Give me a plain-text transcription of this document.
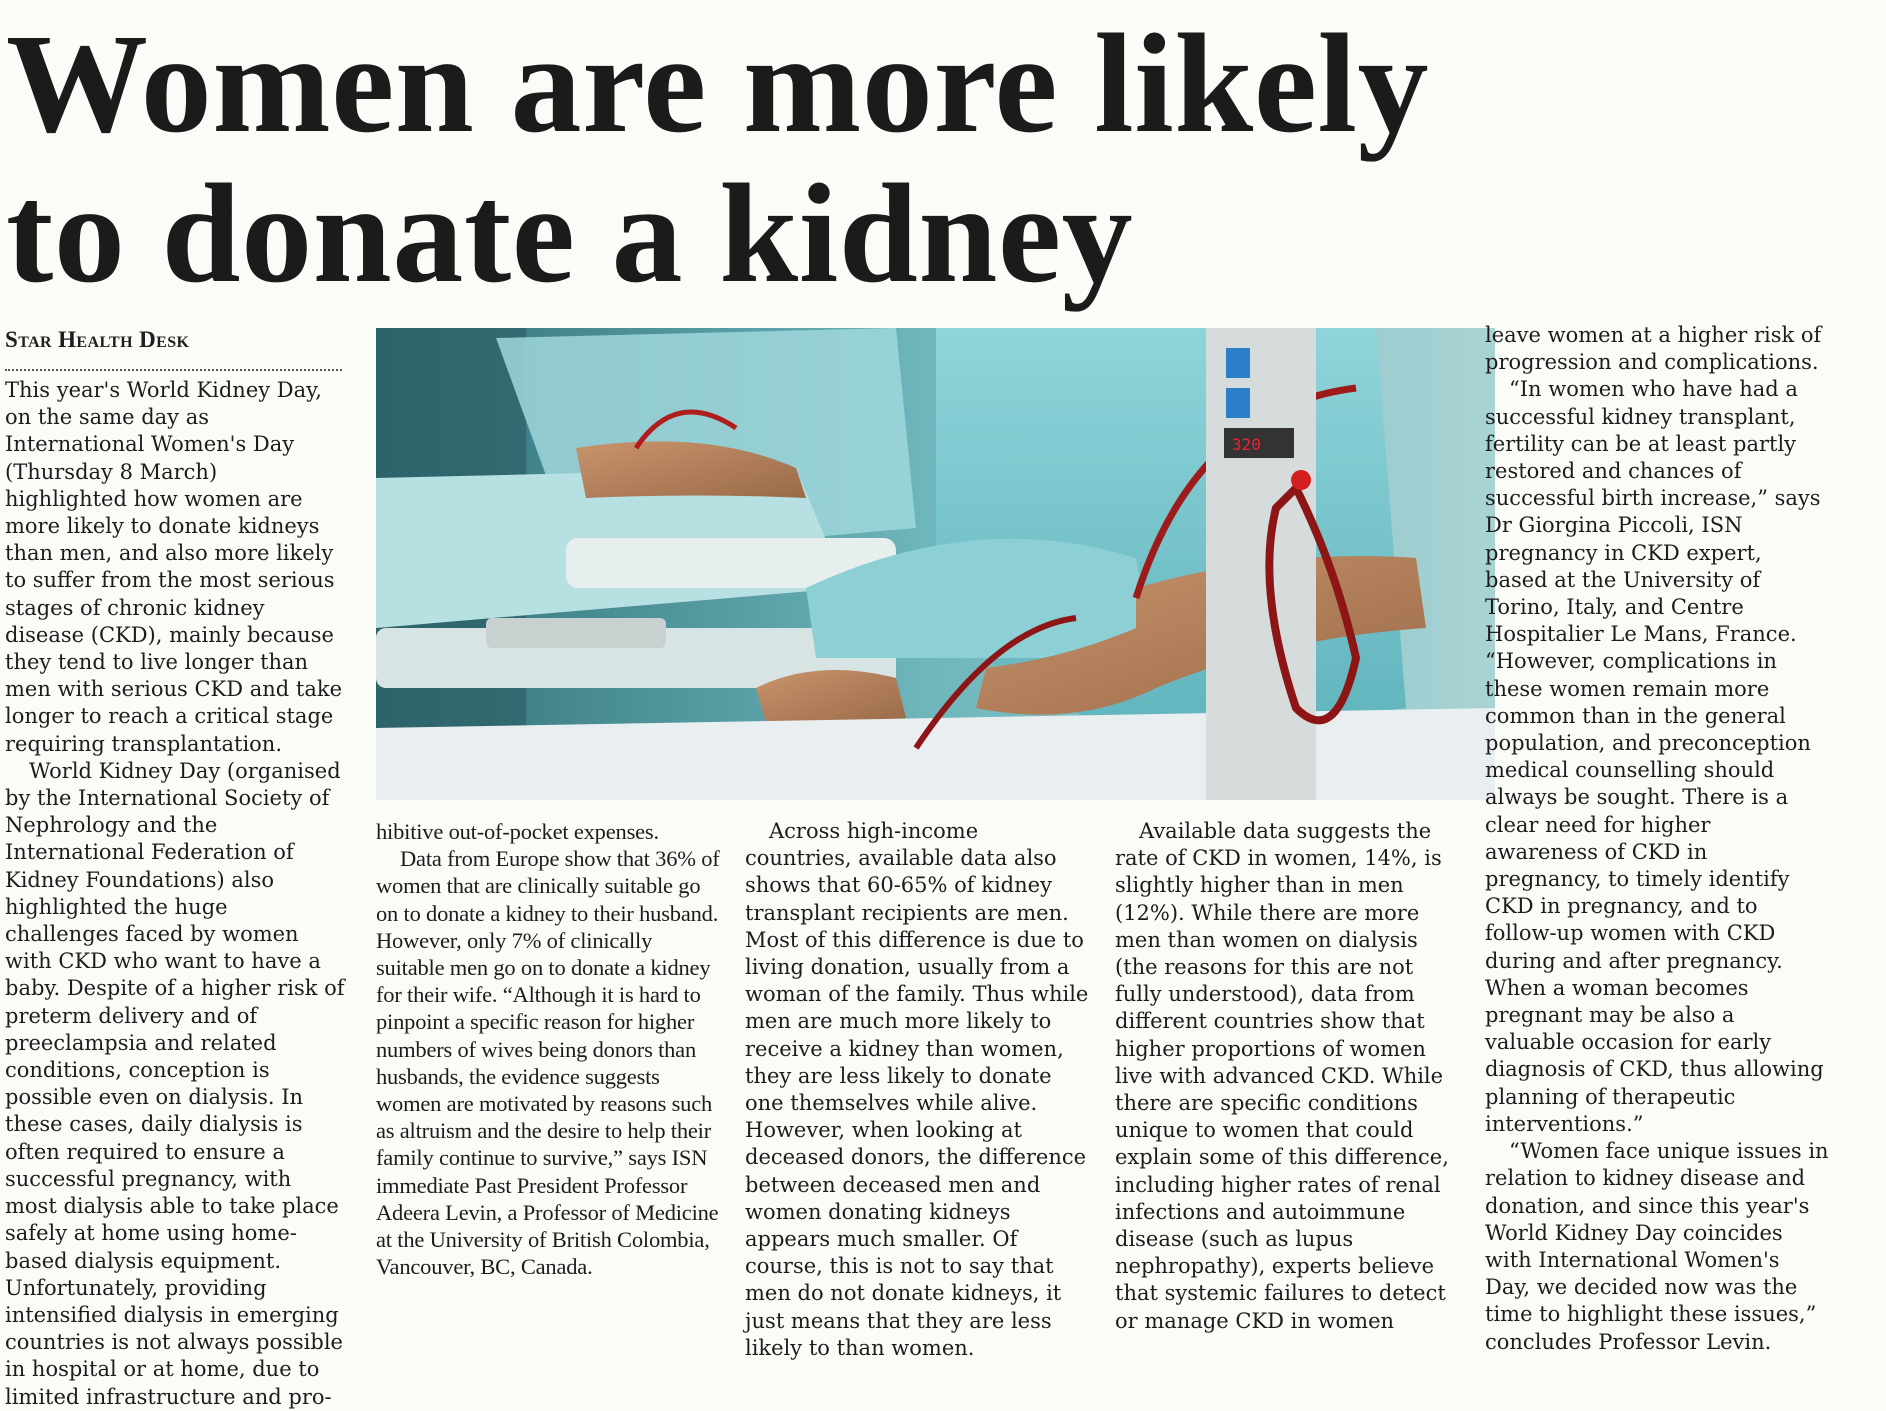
Women are more likely
to donate a kidney
Star Health Desk

This year's World Kidney Day, on the same day as International Women's Day (Thursday 8 March) highlighted how women are more likely to donate kidneys than men, and also more likely to suffer from the most serious stages of chronic kidney disease (CKD), mainly because they tend to live longer than men with serious CKD and take longer to reach a critical stage requiring transplantation.

World Kidney Day (organised by the International Society of Nephrology and the International Federation of Kidney Foundations) also highlighted the huge challenges faced by women with CKD who want to have a baby. Despite of a higher risk of preterm delivery and of preeclampsia and related conditions, conception is possible even on dialysis. In these cases, daily dialysis is often required to ensure a successful pregnancy, with most dialysis able to take place safely at home using home-based dialysis equipment. Unfortunately, providing intensified dialysis in emerging countries is not always possible in hospital or at home, due to limited infrastructure and pro-

320

hibitive out-of-pocket expenses.

Data from Europe show that 36% of women that are clinically suitable go on to donate a kidney to their husband. However, only 7% of clinically suitable men go on to donate a kidney for their wife. “Although it is hard to pinpoint a specific reason for higher numbers of wives being donors than husbands, the evidence suggests women are motivated by reasons such as altruism and the desire to help their family continue to survive,” says ISN immediate Past President Professor Adeera Levin, a Professor of Medicine at the University of British Colombia, Vancouver, BC, Canada.

Across high-income countries, available data also shows that 60-65% of kidney transplant recipients are men. Most of this difference is due to living donation, usually from a woman of the family. Thus while men are much more likely to receive a kidney than women, they are less likely to donate one themselves while alive. However, when looking at deceased donors, the difference between deceased men and women donating kidneys appears much smaller. Of course, this is not to say that men do not donate kidneys, it just means that they are less likely to than women.

Available data suggests the rate of CKD in women, 14%, is slightly higher than in men (12%). While there are more men than women on dialysis (the reasons for this are not fully understood), data from different countries show that higher proportions of women live with advanced CKD. While there are specific conditions unique to women that could explain some of this difference, including higher rates of renal infections and autoimmune disease (such as lupus nephropathy), experts believe that systemic failures to detect or manage CKD in women

leave women at a higher risk of progression and complications.

“In women who have had a successful kidney transplant, fertility can be at least partly restored and chances of successful birth increase,” says Dr Giorgina Piccoli, ISN pregnancy in CKD expert, based at the University of Torino, Italy, and Centre Hospitalier Le Mans, France. “However, complications in these women remain more common than in the general population, and preconception medical counselling should always be sought. There is a clear need for higher awareness of CKD in pregnancy, to timely identify CKD in pregnancy, and to follow-up women with CKD during and after pregnancy. When a woman becomes pregnant may be also a valuable occasion for early diagnosis of CKD, thus allowing planning of therapeutic interventions.”

“Women face unique issues in relation to kidney disease and donation, and since this year's World Kidney Day coincides with International Women's Day, we decided now was the time to highlight these issues,” concludes Professor Levin.
